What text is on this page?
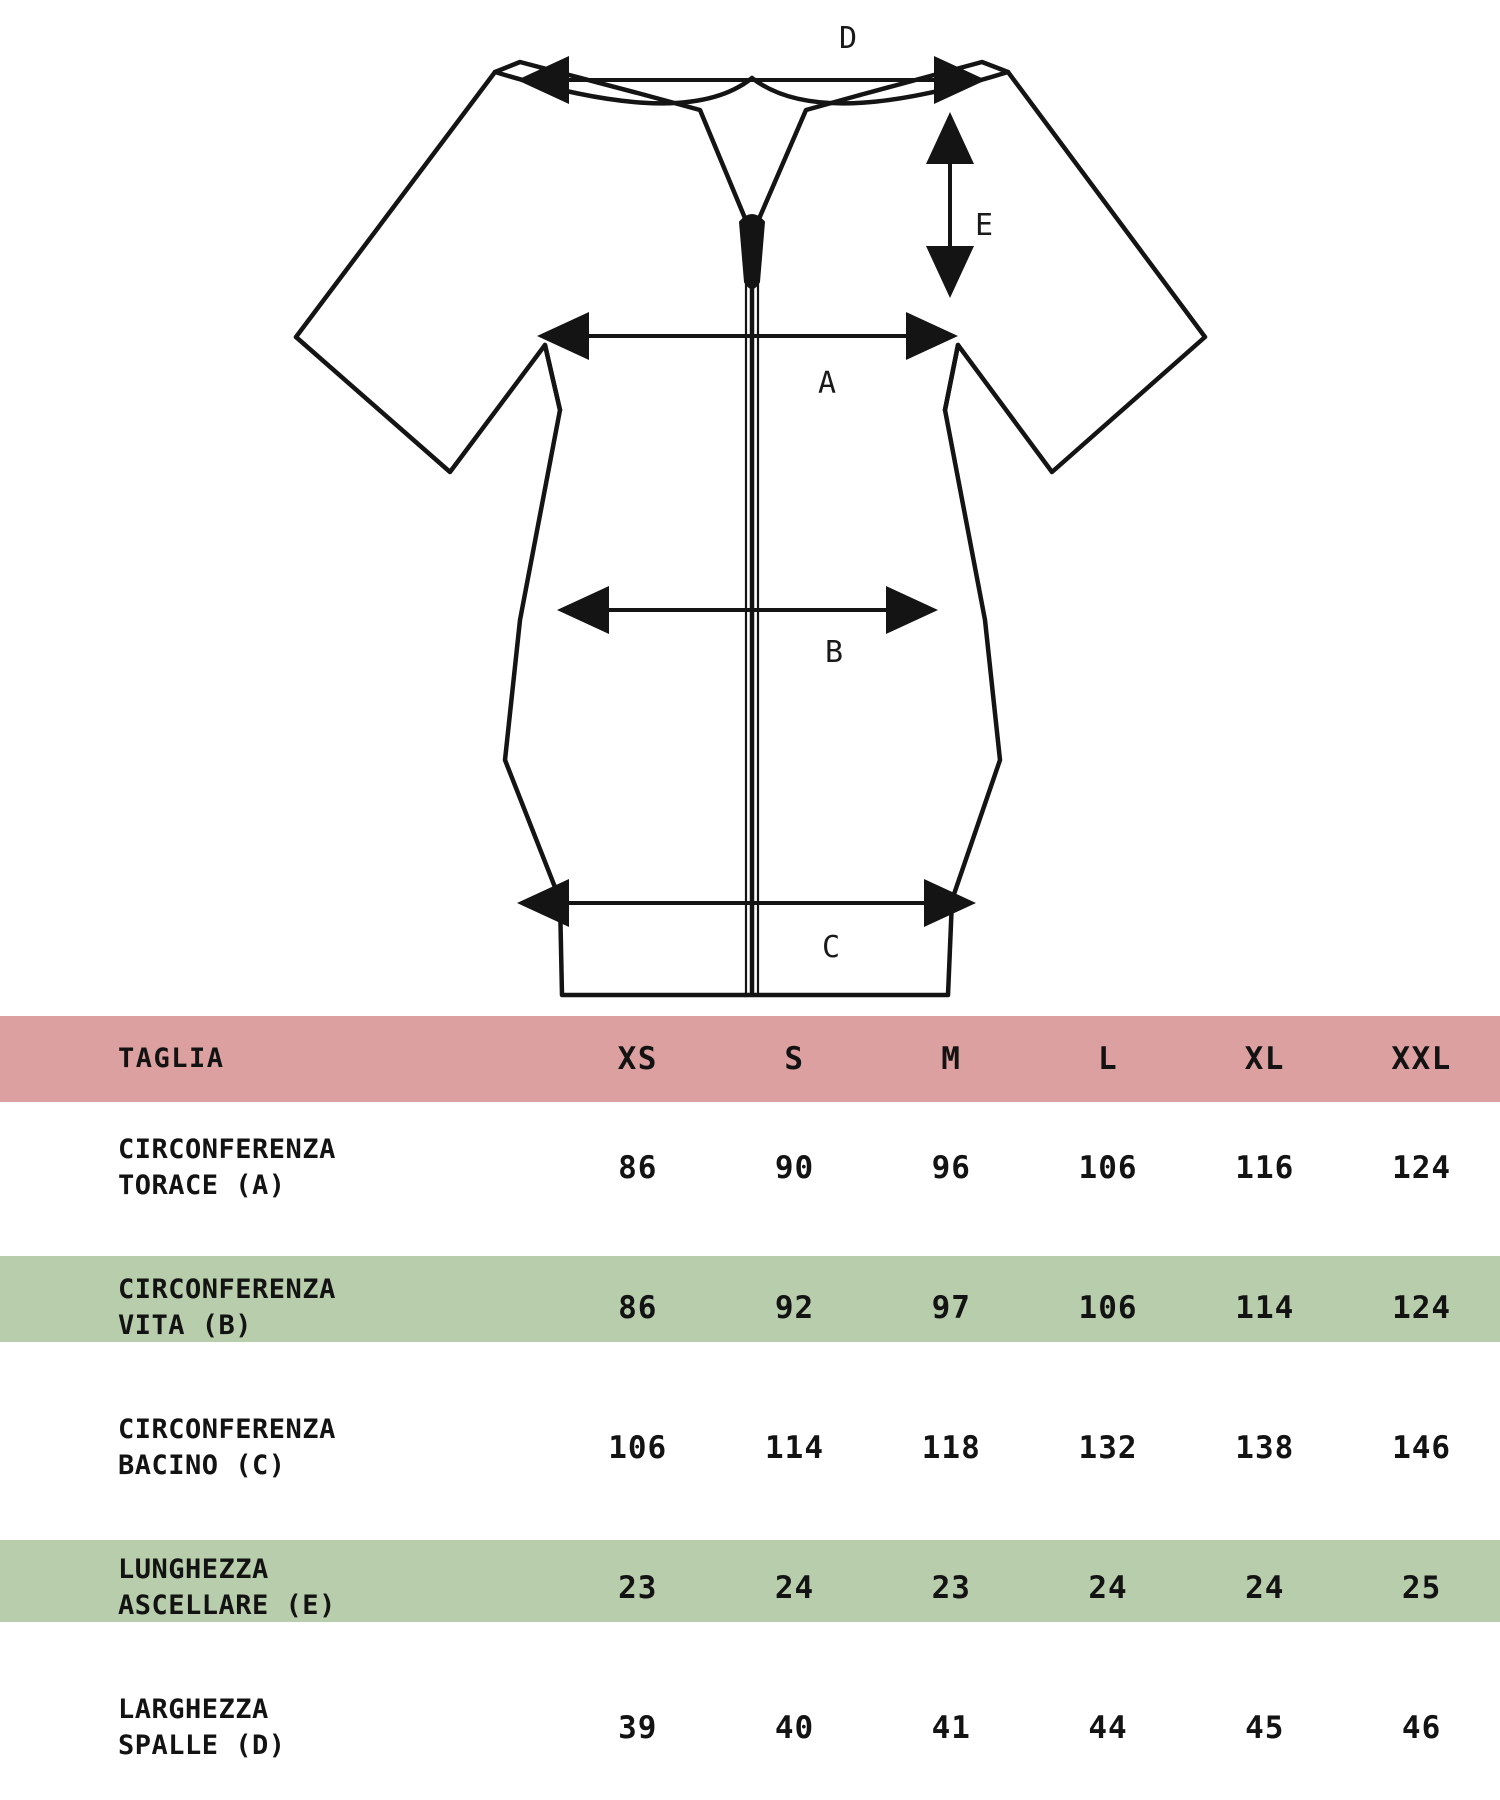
D
E
A
B
C
TAGLIA	XS	S	M	L	XL	XXL
CIRCONFERENZA
TORACE (A)	86	90	96	106	116	124
CIRCONFERENZA
VITA (B)	86	92	97	106	114	124
CIRCONFERENZA
BACINO (C)	106	114	118	132	138	146
LUNGHEZZA
ASCELLARE (E)	23	24	23	24	24	25
LARGHEZZA
SPALLE (D)	39	40	41	44	45	46
